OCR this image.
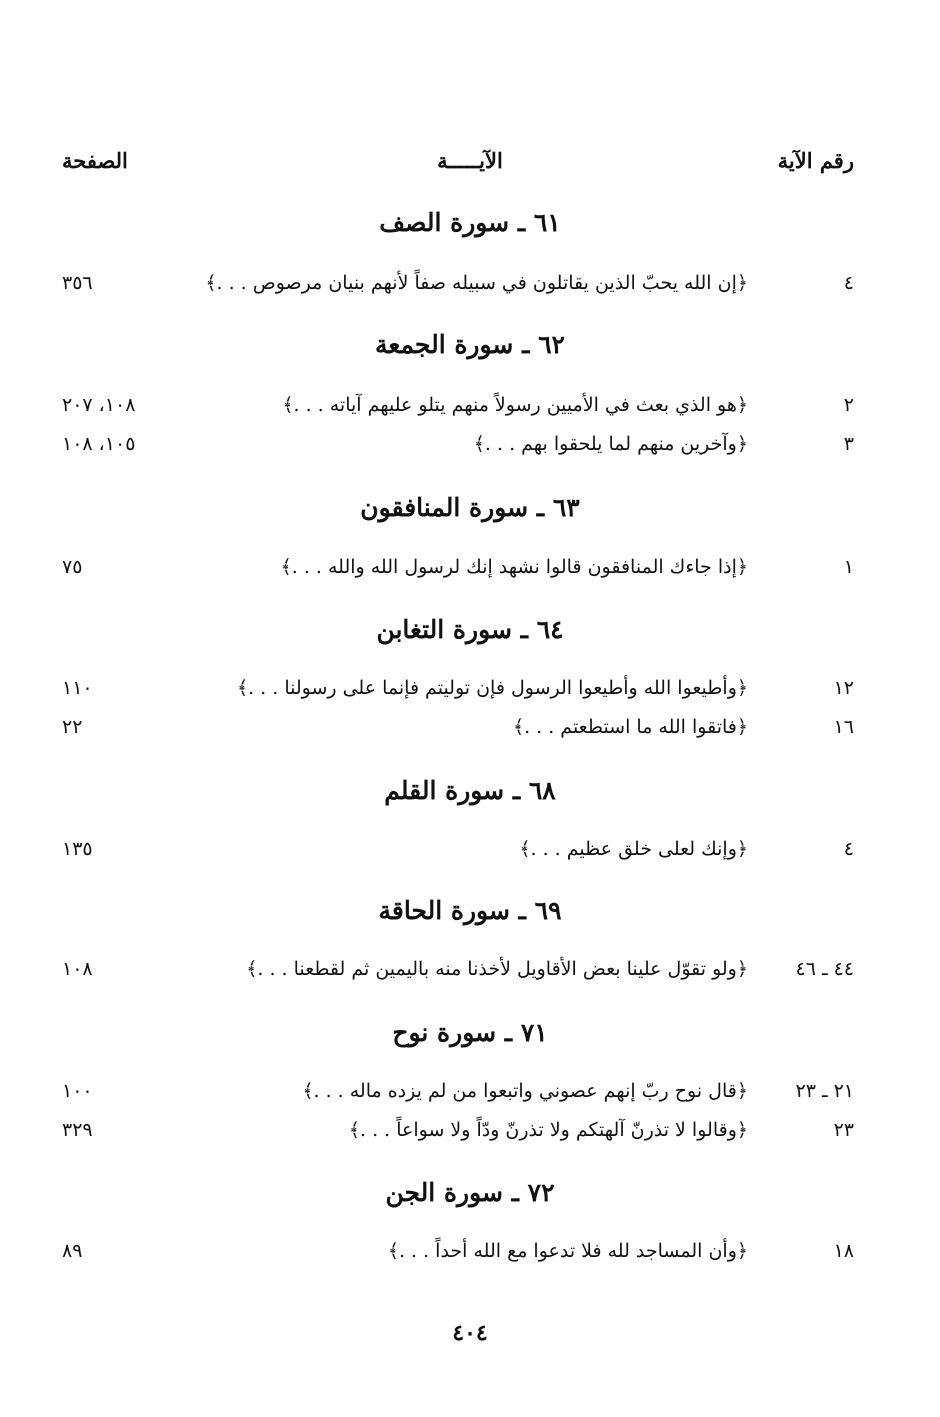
رقم الآية
الآيـــــة
الصفحة
٦١ ـ سورة الصف
٤
﴿إن الله يحبّ الذين يقاتلون في سبيله صفاً لأنهم بنيان مرصوص . . .﴾
٣٥٦
٦٢ ـ سورة الجمعة
٢
﴿هو الذي بعث في الأميين رسولاً منهم يتلو عليهم آياته . . .﴾
١٠٨، ٢٠٧
٣
﴿وآخرين منهم لما يلحقوا بهم . . .﴾
١٠٥، ١٠٨
٦٣ ـ سورة المنافقون
١
﴿إذا جاءك المنافقون قالوا نشهد إنك لرسول الله والله . . .﴾
٧٥
٦٤ ـ سورة التغابن
١٢
﴿وأطيعوا الله وأطيعوا الرسول فإن توليتم فإنما على رسولنا . . .﴾
١١٠
١٦
﴿فاتقوا الله ما استطعتم . . .﴾
٢٢
٦٨ ـ سورة القلم
٤
﴿وإنك لعلى خلق عظيم . . .﴾
١٣٥
٦٩ ـ سورة الحاقة
٤٤ ـ ٤٦
﴿ولو تقوّل علينا بعض الأقاويل لأخذنا منه باليمين ثم لقطعنا . . .﴾
١٠٨
٧١ ـ سورة نوح
٢١ ـ ٢٣
﴿قال نوح ربّ إنهم عصوني واتبعوا من لم يزده ماله . . .﴾
١٠٠
٢٣
﴿وقالوا لا تذرنّ آلهتكم ولا تذرنّ ودّاً ولا سواعاً . . .﴾
٣٢٩
٧٢ ـ سورة الجن
١٨
﴿وأن المساجد لله فلا تدعوا مع الله أحداً . . .﴾
٨٩
٤٠٤
